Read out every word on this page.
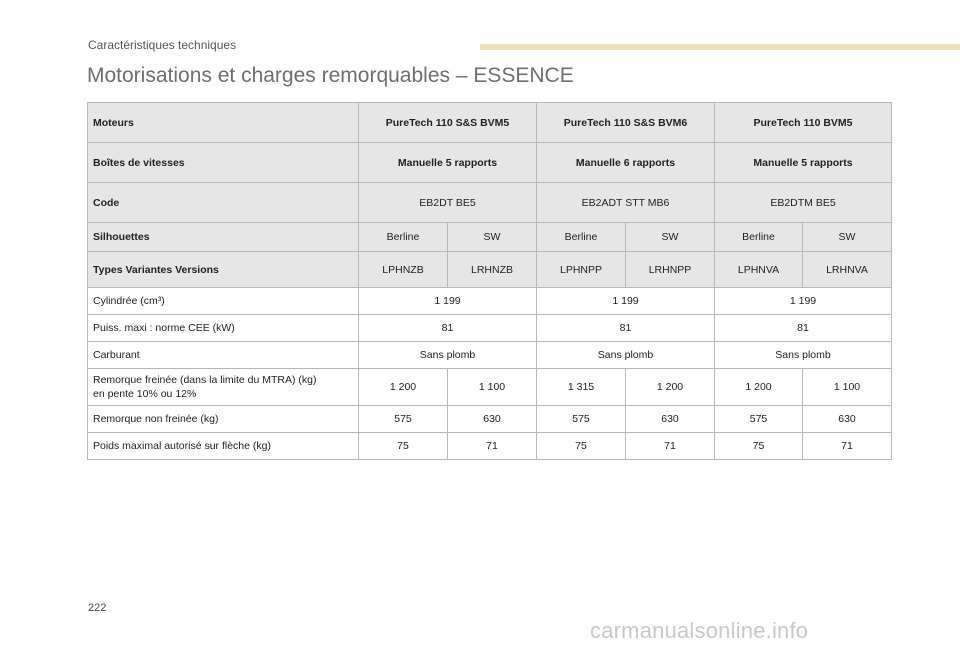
Caractéristiques techniques
Motorisations et charges remorquables – ESSENCE
Moteurs	PureTech 110 S&S BVM5		PureTech 110 S&S BVM6		PureTech 110 BVM5	
Boîtes de vitesses	Manuelle 5 rapports		Manuelle 6 rapports		Manuelle 5 rapports	
Code	EB2DT BE5		EB2ADT STT MB6		EB2DTM BE5	
Silhouettes	Berline	SW	Berline	SW	Berline	SW
Types Variantes Versions	LPHNZB	LRHNZB	LPHNPP	LRHNPP	LPHNVA	LRHNVA
Cylindrée (cm³)	1 199		1 199		1 199	
Puiss. maxi : norme CEE (kW)	81		81		81	
Carburant	Sans plomb		Sans plomb		Sans plomb	
Remorque freinée (dans la limite du MTRA) (kg)
en pente 10% ou 12%	1 200	1 100	1 315	1 200	1 200	1 100
Remorque non freinée (kg)	575	630	575	630	575	630
Poids maximal autorisé sur flèche (kg)	75	71	75	71	75	71
222
carmanualsonline.info
